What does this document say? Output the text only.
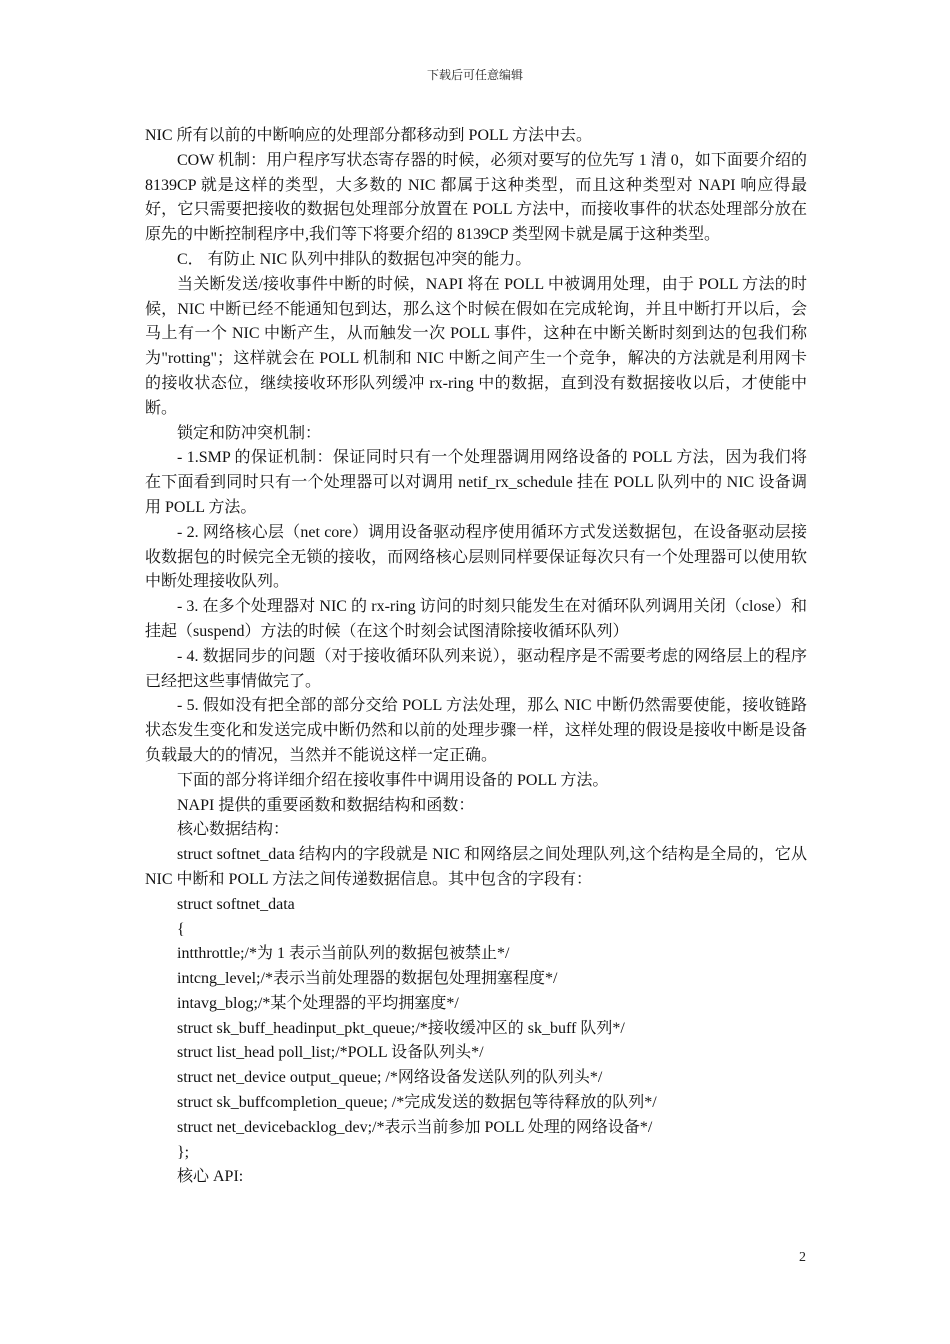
下载后可任意编辑

NIC 所有以前的中断响应的处理部分都移动到 POLL 方法中去。

COW 机制：用户程序写状态寄存器的时候，必须对要写的位先写 1 清 0，如下面要介绍的 8139CP 就是这样的类型，大多数的 NIC 都属于这种类型，而且这种类型对 NAPI 响应得最好，它只需要把接收的数据包处理部分放置在 POLL 方法中，而接收事件的状态处理部分放在原先的中断控制程序中,我们等下将要介绍的 8139CP 类型网卡就是属于这种类型。

C． 有防止 NIC 队列中排队的数据包冲突的能力。

当关断发送/接收事件中断的时候，NAPI 将在 POLL 中被调用处理，由于 POLL 方法的时候，NIC 中断已经不能通知包到达，那么这个时候在假如在完成轮询，并且中断打开以后，会马上有一个 NIC 中断产生，从而触发一次 POLL 事件，这种在中断关断时刻到达的包我们称为"rotting"；这样就会在 POLL 机制和 NIC 中断之间产生一个竞争，解决的方法就是利用网卡的接收状态位，继续接收环形队列缓冲 rx-ring 中的数据，直到没有数据接收以后，才使能中断。

锁定和防冲突机制：

- 1.SMP 的保证机制：保证同时只有一个处理器调用网络设备的 POLL 方法，因为我们将在下面看到同时只有一个处理器可以对调用 netif_rx_schedule 挂在 POLL 队列中的 NIC 设备调用 POLL 方法。

- 2. 网络核心层（net core）调用设备驱动程序使用循环方式发送数据包，在设备驱动层接收数据包的时候完全无锁的接收，而网络核心层则同样要保证每次只有一个处理器可以使用软中断处理接收队列。

- 3. 在多个处理器对 NIC 的 rx-ring 访问的时刻只能发生在对循环队列调用关闭（close）和挂起（suspend）方法的时候（在这个时刻会试图清除接收循环队列）

- 4. 数据同步的问题（对于接收循环队列来说），驱动程序是不需要考虑的网络层上的程序已经把这些事情做完了。

- 5. 假如没有把全部的部分交给 POLL 方法处理，那么 NIC 中断仍然需要使能，接收链路状态发生变化和发送完成中断仍然和以前的处理步骤一样，这样处理的假设是接收中断是设备负载最大的的情况，当然并不能说这样一定正确。

下面的部分将详细介绍在接收事件中调用设备的 POLL 方法。

NAPI 提供的重要函数和数据结构和函数：

核心数据结构：

struct softnet_data 结构内的字段就是 NIC 和网络层之间处理队列,这个结构是全局的，它从 NIC 中断和 POLL 方法之间传递数据信息。其中包含的字段有：

struct softnet_data

{

intthrottle;/*为 1 表示当前队列的数据包被禁止*/

intcng_level;/*表示当前处理器的数据包处理拥塞程度*/

intavg_blog;/*某个处理器的平均拥塞度*/

struct sk_buff_headinput_pkt_queue;/*接收缓冲区的 sk_buff 队列*/

struct list_head poll_list;/*POLL 设备队列头*/

struct net_device output_queue; /*网络设备发送队列的队列头*/

struct sk_buffcompletion_queue; /*完成发送的数据包等待释放的队列*/

struct net_devicebacklog_dev;/*表示当前参加 POLL 处理的网络设备*/

};

核心 API:

2
